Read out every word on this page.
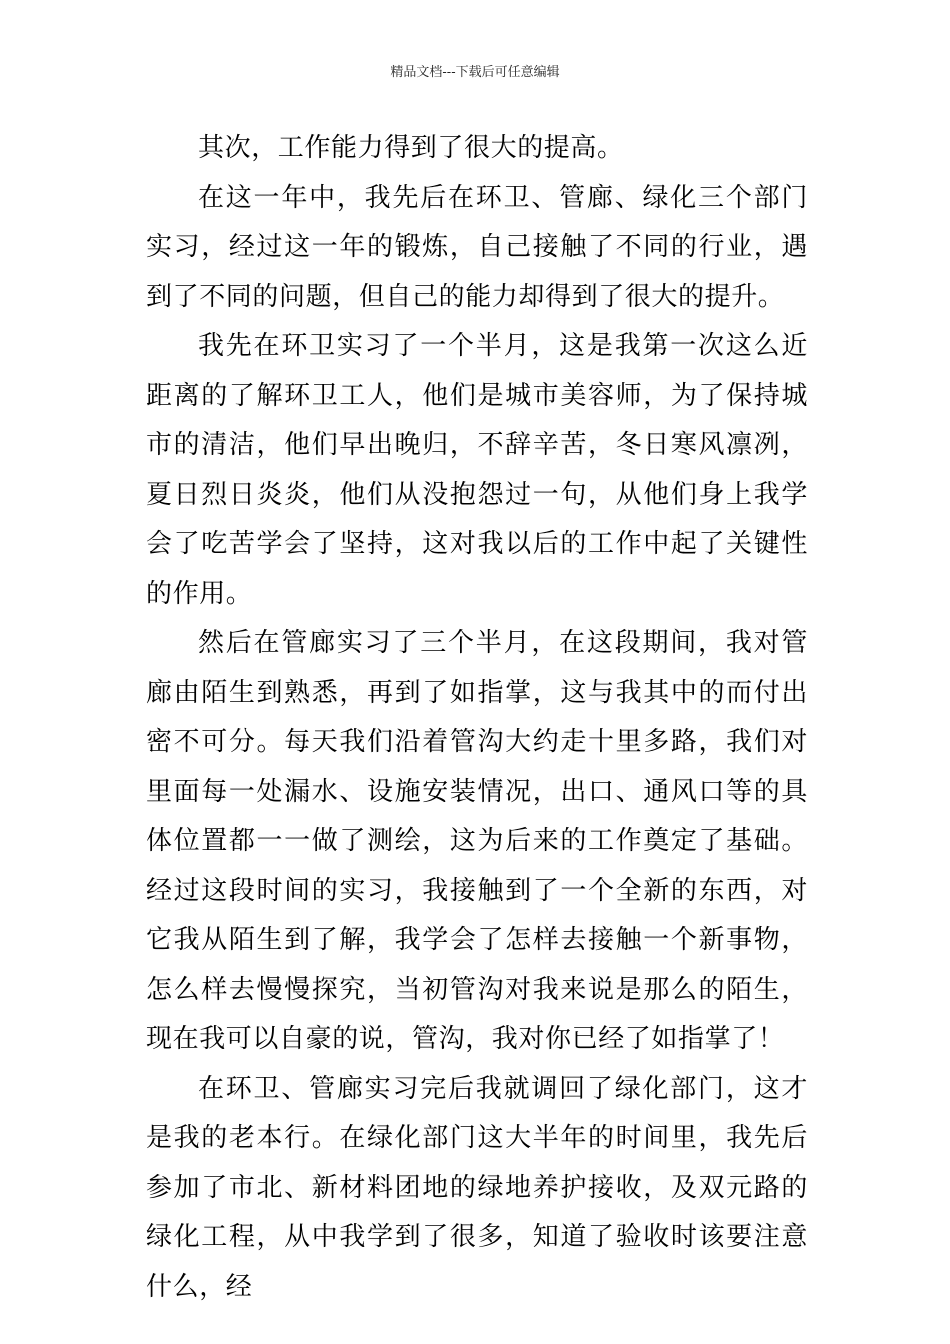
精品文档---下载后可任意编辑

其次，工作能力得到了很大的提高。

在这一年中，我先后在环卫、管廊、绿化三个部门实习，经过这一年的锻炼，自己接触了不同的行业，遇到了不同的问题，但自己的能力却得到了很大的提升。

我先在环卫实习了一个半月，这是我第一次这么近距离的了解环卫工人，他们是城市美容师，为了保持城市的清洁，他们早出晚归，不辞辛苦，冬日寒风凛冽，夏日烈日炎炎，他们从没抱怨过一句，从他们身上我学会了吃苦学会了坚持，这对我以后的工作中起了关键性的作用。

然后在管廊实习了三个半月，在这段期间，我对管廊由陌生到熟悉，再到了如指掌，这与我其中的而付出密不可分。每天我们沿着管沟大约走十里多路，我们对里面每一处漏水、设施安装情况，出口、通风口等的具体位置都一一做了测绘，这为后来的工作奠定了基础。经过这段时间的实习，我接触到了一个全新的东西，对它我从陌生到了解，我学会了怎样去接触一个新事物，怎么样去慢慢探究，当初管沟对我来说是那么的陌生，现在我可以自豪的说，管沟，我对你已经了如指掌了！

在环卫、管廊实习完后我就调回了绿化部门，这才是我的老本行。在绿化部门这大半年的时间里，我先后参加了市北、新材料团地的绿地养护接收，及双元路的绿化工程，从中我学到了很多，知道了验收时该要注意什么，经
